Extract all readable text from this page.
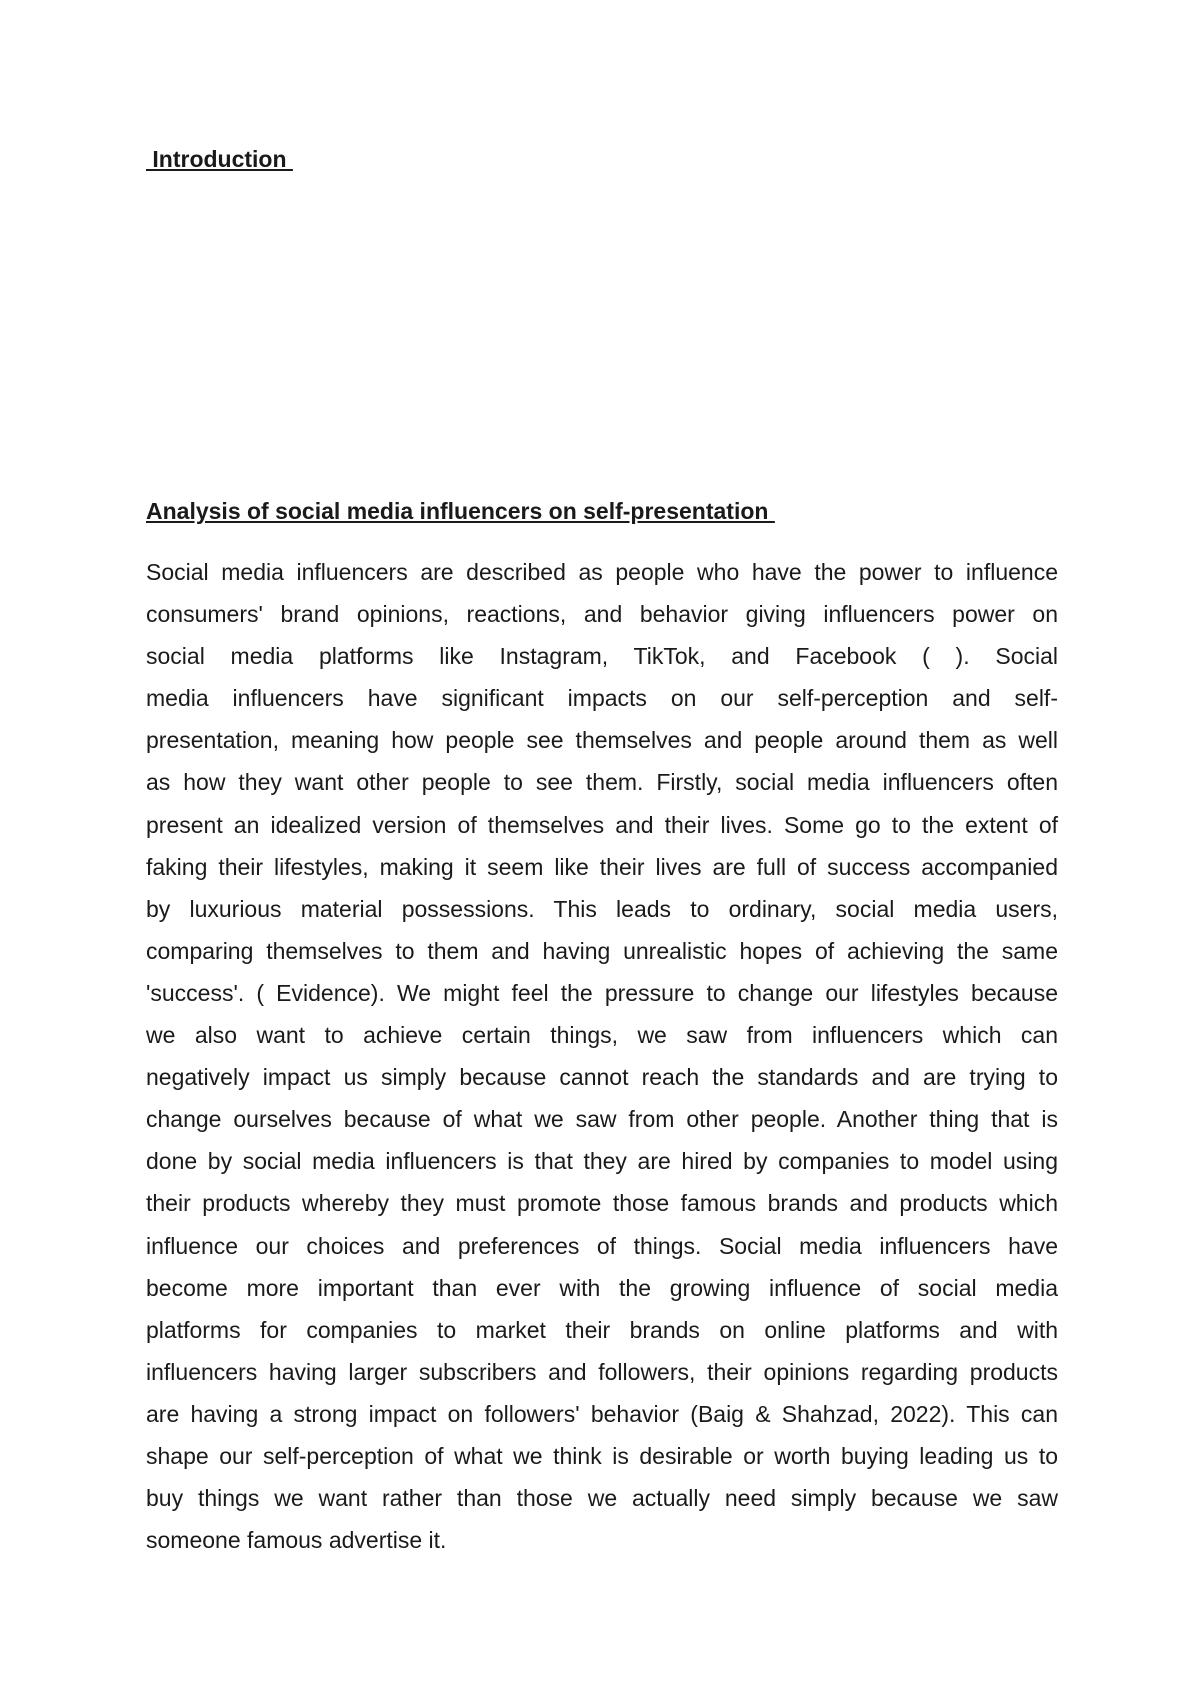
Introduction
Analysis of social media influencers on self-presentation
Social media influencers are described as people who have the power to influence
consumers' brand opinions, reactions, and behavior giving influencers power on
social media platforms like Instagram, TikTok, and Facebook ( ). Social
media influencers have significant impacts on our self-perception and self-
presentation, meaning how people see themselves and people around them as well
as how they want other people to see them. Firstly, social media influencers often
present an idealized version of themselves and their lives. Some go to the extent of
faking their lifestyles, making it seem like their lives are full of success accompanied
by luxurious material possessions. This leads to ordinary, social media users,
comparing themselves to them and having unrealistic hopes of achieving the same
'success'. ( Evidence). We might feel the pressure to change our lifestyles because
we also want to achieve certain things, we saw from influencers which can
negatively impact us simply because cannot reach the standards and are trying to
change ourselves because of what we saw from other people. Another thing that is
done by social media influencers is that they are hired by companies to model using
their products whereby they must promote those famous brands and products which
influence our choices and preferences of things. Social media influencers have
become more important than ever with the growing influence of social media
platforms for companies to market their brands on online platforms and with
influencers having larger subscribers and followers, their opinions regarding products
are having a strong impact on followers' behavior (Baig & Shahzad, 2022). This can
shape our self-perception of what we think is desirable or worth buying leading us to
buy things we want rather than those we actually need simply because we saw
someone famous advertise it.
